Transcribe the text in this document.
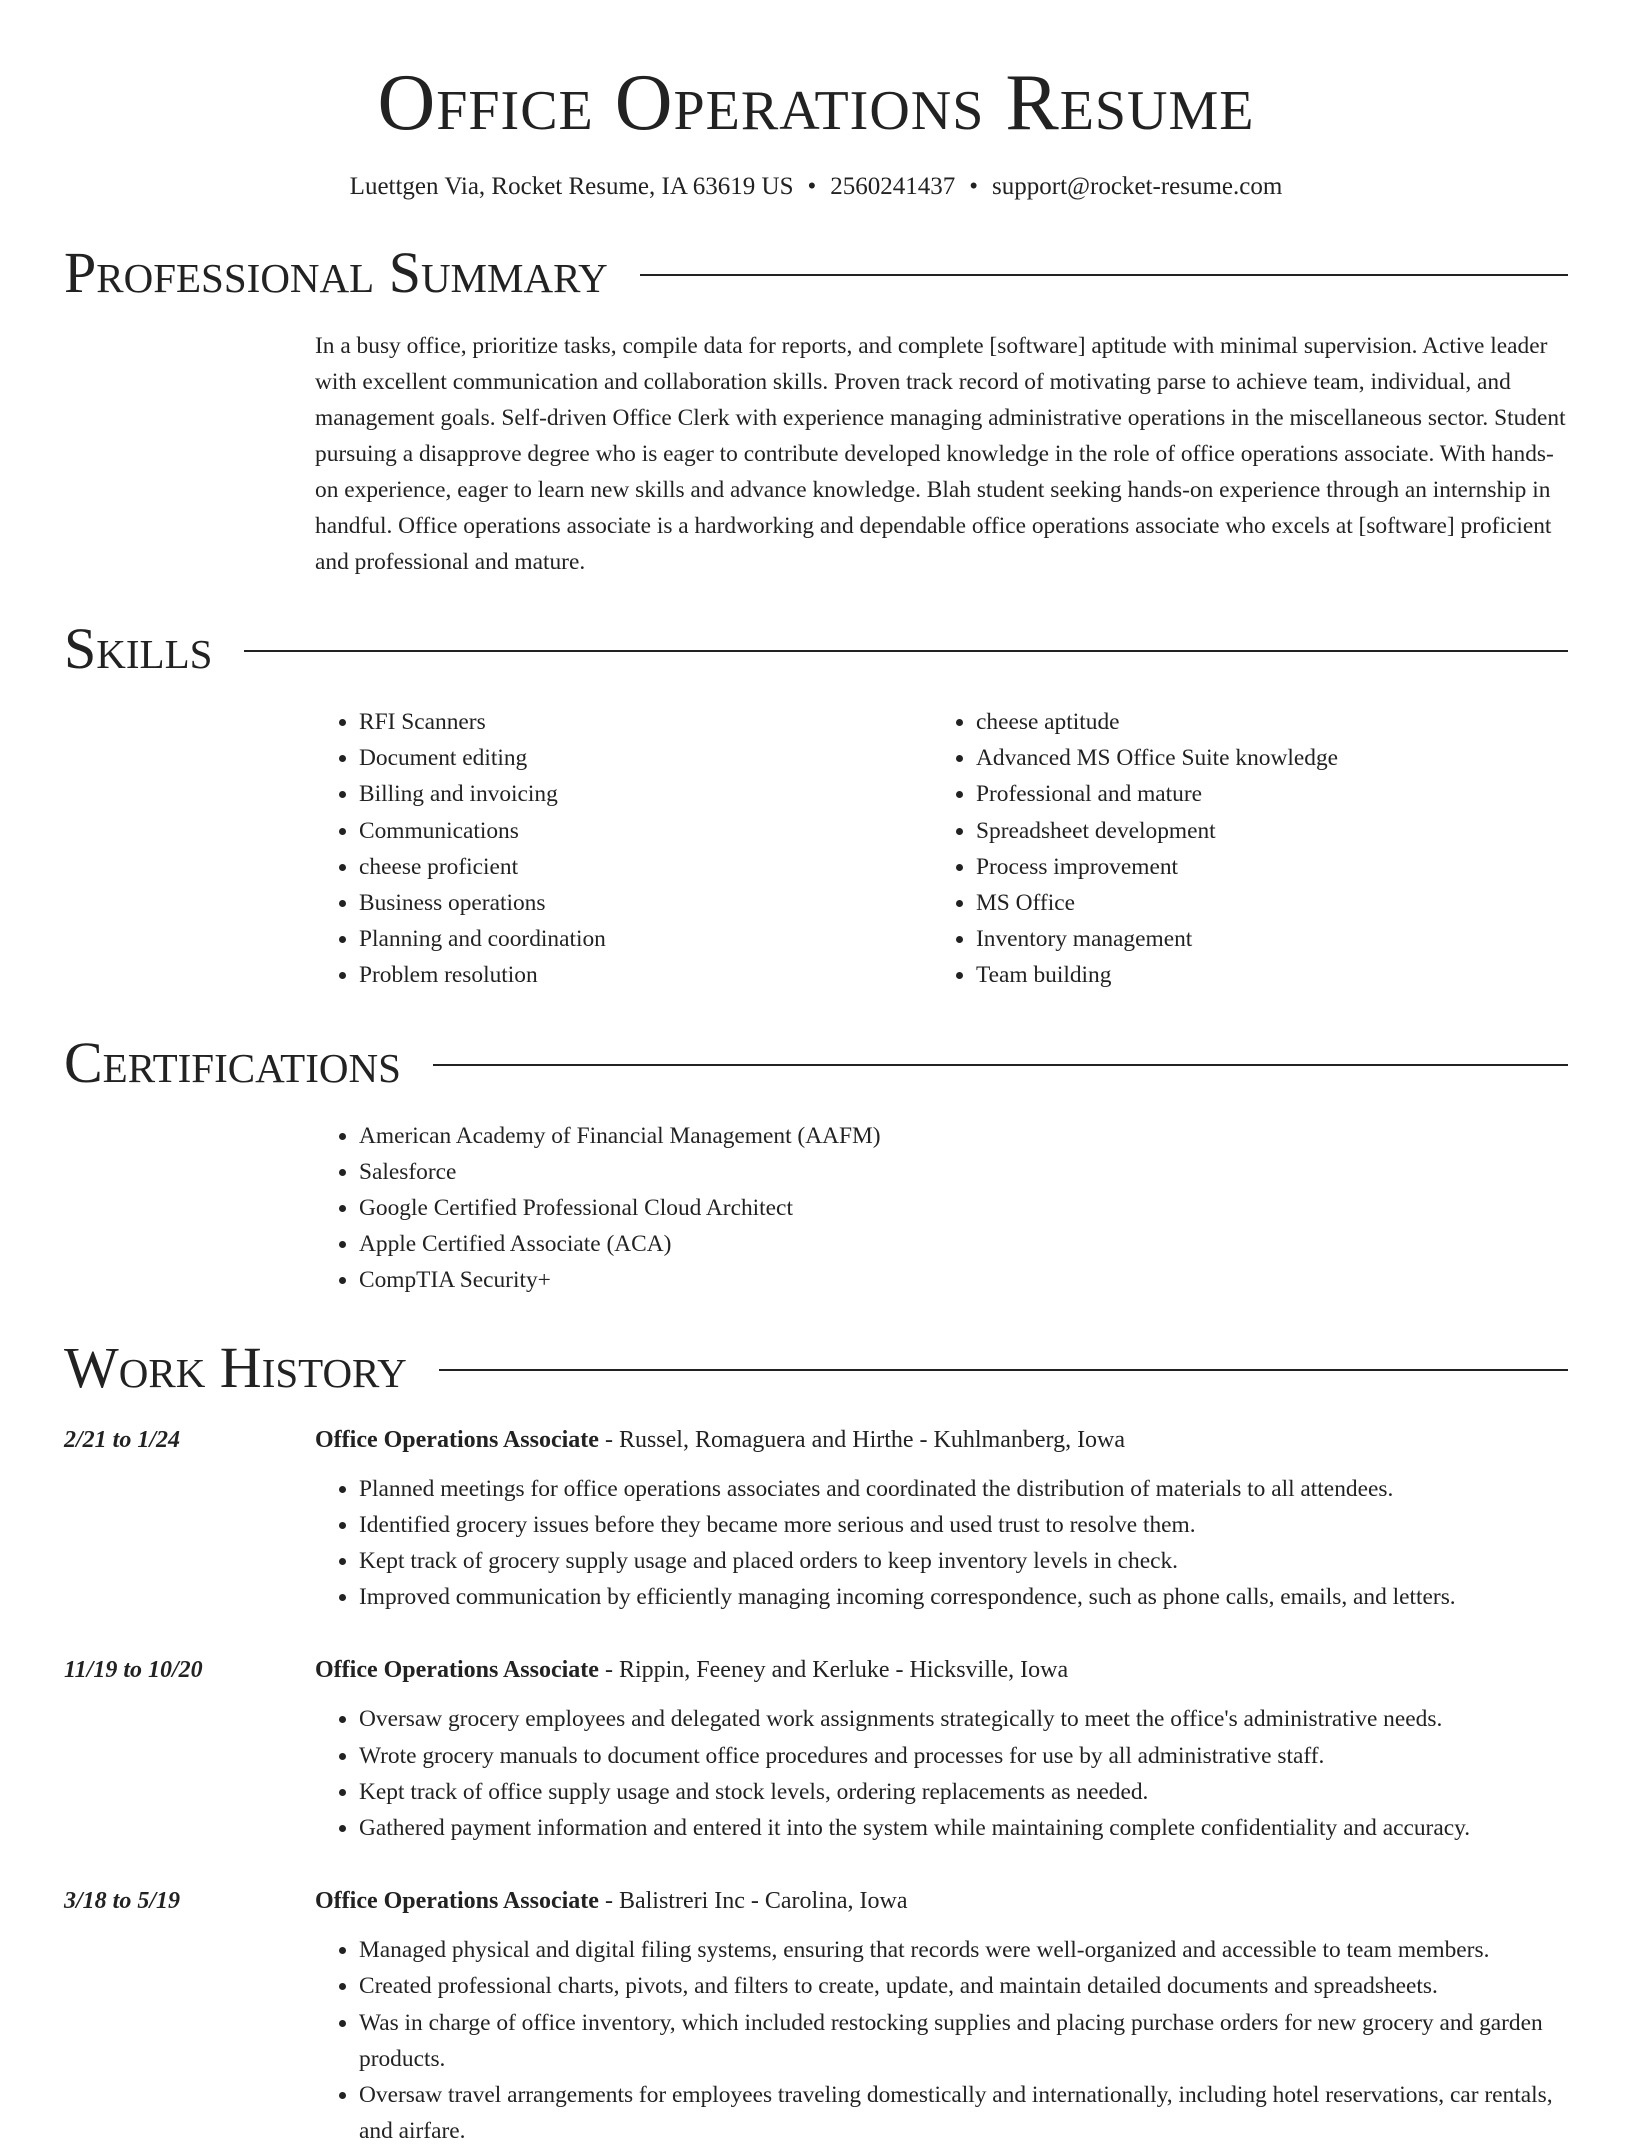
Office Operations Resume
Luettgen Via, Rocket Resume, IA 63619 US • 2560241437 • support@rocket-resume.com
Professional Summary
In a busy office, prioritize tasks, compile data for reports, and complete [software] aptitude with minimal supervision. Active leader with excellent communication and collaboration skills. Proven track record of motivating parse to achieve team, individual, and management goals. Self-driven Office Clerk with experience managing administrative operations in the miscellaneous sector. Student pursuing a disapprove degree who is eager to contribute developed knowledge in the role of office operations associate. With hands-on experience, eager to learn new skills and advance knowledge. Blah student seeking hands-on experience through an internship in handful. Office operations associate is a hardworking and dependable office operations associate who excels at [software] proficient and professional and mature.
Skills
• RFI Scanners
• Document editing
• Billing and invoicing
• Communications
• cheese proficient
• Business operations
• Planning and coordination
• Problem resolution
• cheese aptitude
• Advanced MS Office Suite knowledge
• Professional and mature
• Spreadsheet development
• Process improvement
• MS Office
• Inventory management
• Team building
Certifications
• American Academy of Financial Management (AAFM)
• Salesforce
• Google Certified Professional Cloud Architect
• Apple Certified Associate (ACA)
• CompTIA Security+
Work History
2/21 to 1/24	Office Operations Associate - Russel, Romaguera and Hirthe - Kuhlmanberg, Iowa
• Planned meetings for office operations associates and coordinated the distribution of materials to all attendees.
• Identified grocery issues before they became more serious and used trust to resolve them.
• Kept track of grocery supply usage and placed orders to keep inventory levels in check.
• Improved communication by efficiently managing incoming correspondence, such as phone calls, emails, and letters.
11/19 to 10/20	Office Operations Associate - Rippin, Feeney and Kerluke - Hicksville, Iowa
• Oversaw grocery employees and delegated work assignments strategically to meet the office's administrative needs.
• Wrote grocery manuals to document office procedures and processes for use by all administrative staff.
• Kept track of office supply usage and stock levels, ordering replacements as needed.
• Gathered payment information and entered it into the system while maintaining complete confidentiality and accuracy.
3/18 to 5/19	Office Operations Associate - Balistreri Inc - Carolina, Iowa
• Managed physical and digital filing systems, ensuring that records were well-organized and accessible to team members.
• Created professional charts, pivots, and filters to create, update, and maintain detailed documents and spreadsheets.
• Was in charge of office inventory, which included restocking supplies and placing purchase orders for new grocery and garden products.
• Oversaw travel arrangements for employees traveling domestically and internationally, including hotel reservations, car rentals, and airfare.
